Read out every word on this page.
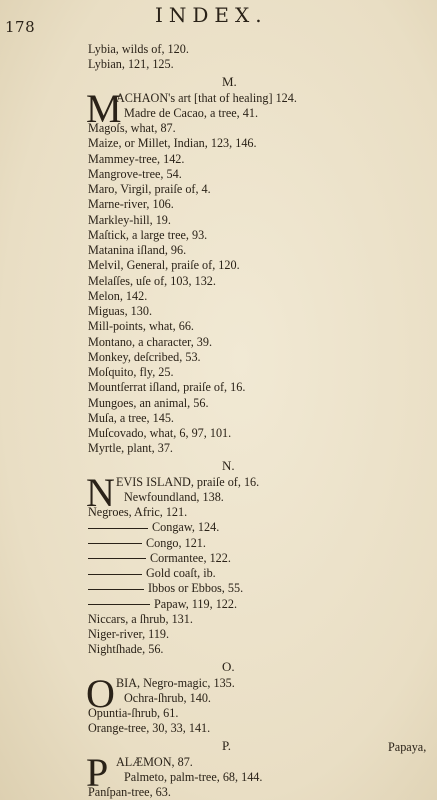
178	INDEX.
Lybia, wilds of, 120.
Lybian, 121, 125.
M.
M
ACHAON's art [that of healing] 124.
Madre de Cacao, a tree, 41.
Magoſs, what, 87.
Maize, or Millet, Indian, 123, 146.
Mammey-tree, 142.
Mangrove-tree, 54.
Maro, Virgil, praiſe of, 4.
Marne-river, 106.
Markley-hill, 19.
Maſtick, a large tree, 93.
Matanina iſland, 96.
Melvil, General, praiſe of, 120.
Melaſſes, uſe of, 103, 132.
Melon, 142.
Miguas, 130.
Mill-points, what, 66.
Montano, a character, 39.
Monkey, deſcribed, 53.
Moſquito, fly, 25.
Mountſerrat iſland, praiſe of, 16.
Mungoes, an animal, 56.
Muſa, a tree, 145.
Muſcovado, what, 6, 97, 101.
Myrtle, plant, 37.
N.
N EVIS ISLAND, praiſe of, 16.
Newfoundland, 138.
Negroes, Afric, 121.
Congaw, 124.
Congo, 121.
Cormantee, 122.
Gold coaſt, ib.
Ibbos or Ebbos, 55.
Papaw, 119, 122.
Niccars, a ſhrub, 131.
Niger-river, 119.
Nightſhade, 56.
O.
O BIA, Negro-magic, 135.
Ochra-ſhrub, 140.
Opuntia-ſhrub, 61.
Orange-tree, 30, 33, 141.
P.
P ALÆMON, 87.
Palmeto, palm-tree, 68, 144.
Panſpan-tree, 63.
Papaya,
